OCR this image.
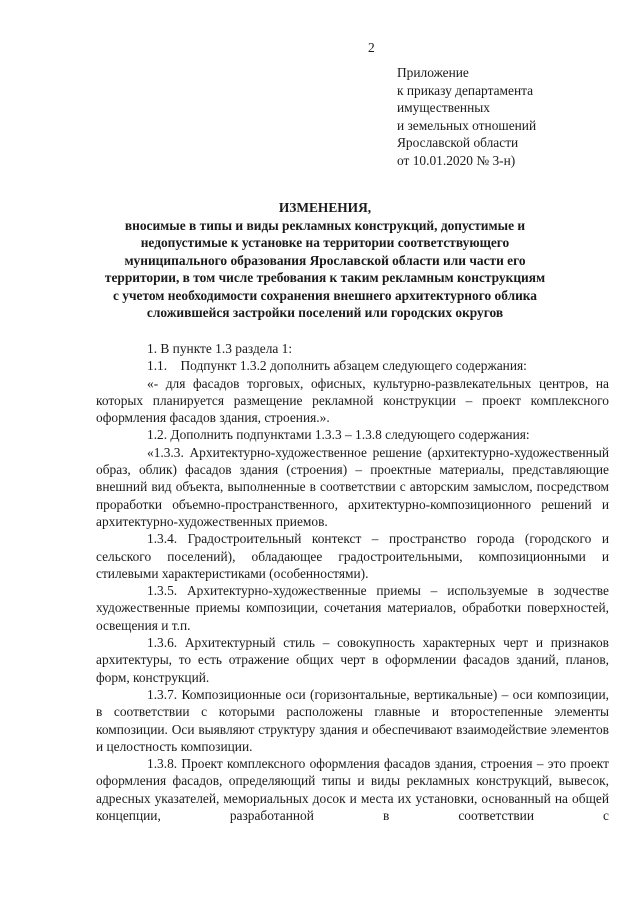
2
Приложение
к приказу департамента
имущественных
и земельных отношений
Ярославской области
от 10.01.2020 № 3-н)
ИЗМЕНЕНИЯ,
вносимые в типы и виды рекламных конструкций, допустимые и
недопустимые к установке на территории соответствующего
муниципального образования Ярославской области или части его
территории, в том числе требования к таким рекламным конструкциям
с учетом необходимости сохранения внешнего архитектурного облика
сложившейся застройки поселений или городских округов

1. В пункте 1.3 раздела 1:

1.1.    Подпункт 1.3.2 дополнить абзацем следующего содержания:

«- для фасадов торговых, офисных, культурно-развлекательных центров, на которых планируется размещение рекламной конструкции – проект комплексного оформления фасадов здания, строения.».

1.2. Дополнить подпунктами 1.3.3 – 1.3.8 следующего содержания:

«1.3.3. Архитектурно-художественное решение (архитектурно-художественный образ, облик) фасадов здания (строения) – проектные материалы, представляющие внешний вид объекта, выполненные в соответствии с авторским замыслом, посредством проработки объемно-пространственного, архитектурно-композиционного решений и архитектурно-художественных приемов.

1.3.4. Градостроительный контекст – пространство города (городского и сельского поселений), обладающее градостроительными, композиционными и стилевыми характеристиками (особенностями).

1.3.5. Архитектурно-художественные приемы – используемые в зодчестве художественные приемы композиции, сочетания материалов, обработки поверхностей, освещения и т.п.

1.3.6. Архитектурный стиль – совокупность характерных черт и признаков архитектуры, то есть отражение общих черт в оформлении фасадов зданий, планов, форм, конструкций.

1.3.7. Композиционные оси (горизонтальные, вертикальные) – оси композиции, в соответствии с которыми расположены главные и второстепенные элементы композиции. Оси выявляют структуру здания и обеспечивают взаимодействие элементов и целостность композиции.

1.3.8. Проект комплексного оформления фасадов здания, строения – это проект оформления фасадов, определяющий типы и виды рекламных конструкций, вывесок, адресных указателей, мемориальных досок и места их установки, основанный на общей концепции, разработанной в соответствии с
